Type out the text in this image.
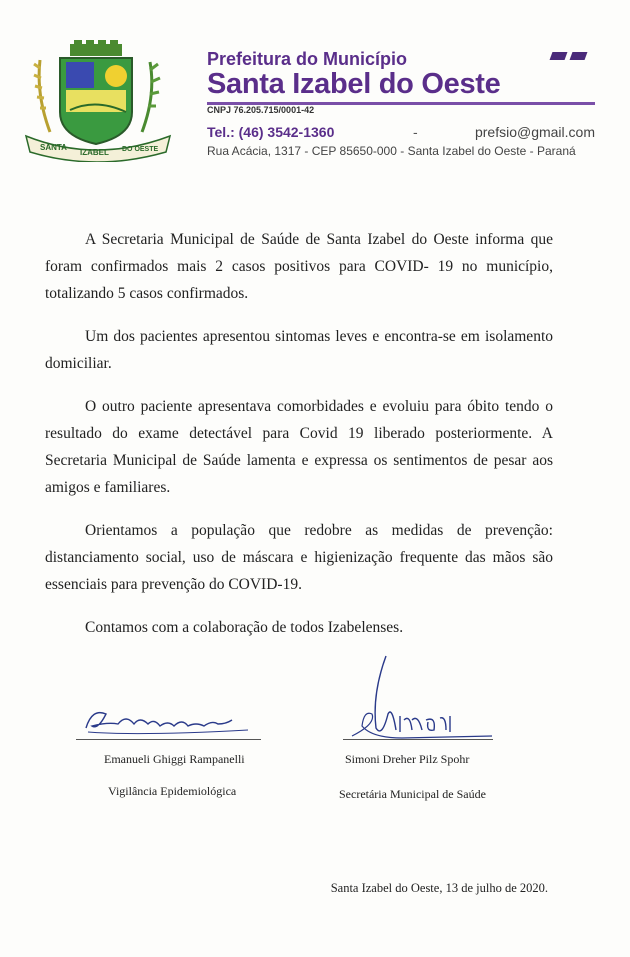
SANTA
IZABEL DO OESTE
Prefeitura do Município
Santa Izabel do Oeste
CNPJ 76.205.715/0001-42
Tel.: (46) 3542-1360	-	prefsio@gmail.com
Rua Acácia, 1317 - CEP 85650-000 - Santa Izabel do Oeste - Paraná

A Secretaria Municipal de Saúde de Santa Izabel do Oeste informa que foram confirmados mais 2 casos positivos para COVID- 19 no município, totalizando 5 casos confirmados.

Um dos pacientes apresentou sintomas leves e encontra-se em isolamento domiciliar.

O outro paciente apresentava comorbidades e evoluiu para óbito tendo o resultado do exame detectável para Covid 19 liberado posteriormente. A Secretaria Municipal de Saúde lamenta e expressa os sentimentos de pesar aos amigos e familiares.

Orientamos a população que redobre as medidas de prevenção: distanciamento social, uso de máscara e higienização frequente das mãos são essenciais para prevenção do COVID-19.

Contamos com a colaboração de todos Izabelenses.

Emanueli Ghiggi Rampanelli
Vigilância Epidemiológica
Simoni Dreher Pilz Spohr
Secretária Municipal de Saúde
Santa Izabel do Oeste, 13 de julho de 2020.
